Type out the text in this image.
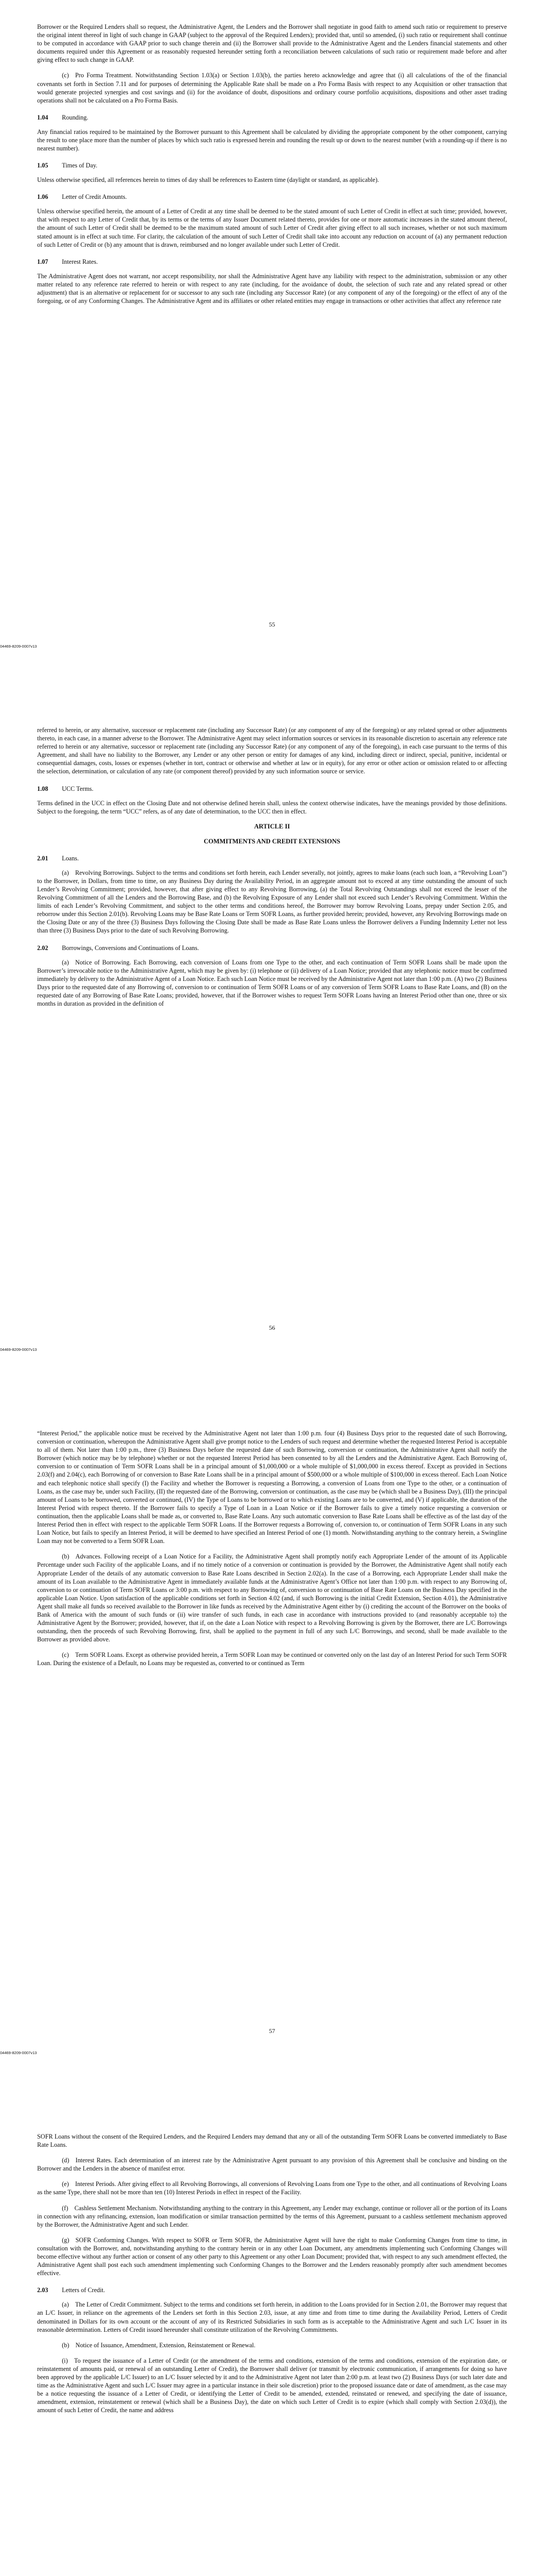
Borrower or the Required Lenders shall so request, the Administrative Agent, the Lenders and the Borrower shall negotiate in good faith to amend such ratio or requirement to preserve the original intent thereof in light of such change in GAAP (subject to the approval of the Required Lenders); provided that, until so amended, (i) such ratio or requirement shall continue to be computed in accordance with GAAP prior to such change therein and (ii) the Borrower shall provide to the Administrative Agent and the Lenders financial statements and other documents required under this Agreement or as reasonably requested hereunder setting forth a reconciliation between calculations of such ratio or requirement made before and after giving effect to such change in GAAP.

(c) Pro Forma Treatment. Notwithstanding Section 1.03(a) or Section 1.03(b), the parties hereto acknowledge and agree that (i) all calculations of the of the financial covenants set forth in Section 7.11 and for purposes of determining the Applicable Rate shall be made on a Pro Forma Basis with respect to any Acquisition or other transaction that would generate projected synergies and cost savings and (ii) for the avoidance of doubt, dispositions and ordinary course portfolio acquisitions, dispositions and other asset trading operations shall not be calculated on a Pro Forma Basis.

1.04 Rounding.

Any financial ratios required to be maintained by the Borrower pursuant to this Agreement shall be calculated by dividing the appropriate component by the other component, carrying the result to one place more than the number of places by which such ratio is expressed herein and rounding the result up or down to the nearest number (with a rounding-up if there is no nearest number).

1.05 Times of Day.

Unless otherwise specified, all references herein to times of day shall be references to Eastern time (daylight or standard, as applicable).

1.06 Letter of Credit Amounts.

Unless otherwise specified herein, the amount of a Letter of Credit at any time shall be deemed to be the stated amount of such Letter of Credit in effect at such time; provided, however, that with respect to any Letter of Credit that, by its terms or the terms of any Issuer Document related thereto, provides for one or more automatic increases in the stated amount thereof, the amount of such Letter of Credit shall be deemed to be the maximum stated amount of such Letter of Credit after giving effect to all such increases, whether or not such maximum stated amount is in effect at such time. For clarity, the calculation of the amount of such Letter of Credit shall take into account any reduction on account of (a) any permanent reduction of such Letter of Credit or (b) any amount that is drawn, reimbursed and no longer available under such Letter of Credit.

1.07 Interest Rates.

The Administrative Agent does not warrant, nor accept responsibility, nor shall the Administrative Agent have any liability with respect to the administration, submission or any other matter related to any reference rate referred to herein or with respect to any rate (including, for the avoidance of doubt, the selection of such rate and any related spread or other adjustment) that is an alternative or replacement for or successor to any such rate (including any Successor Rate) (or any component of any of the foregoing) or the effect of any of the foregoing, or of any Conforming Changes. The Administrative Agent and its affiliates or other related entities may engage in transactions or other activities that affect any reference rate

55
04469-8209-0007v13

referred to herein, or any alternative, successor or replacement rate (including any Successor Rate) (or any component of any of the foregoing) or any related spread or other adjustments thereto, in each case, in a manner adverse to the Borrower. The Administrative Agent may select information sources or services in its reasonable discretion to ascertain any reference rate referred to herein or any alternative, successor or replacement rate (including any Successor Rate) (or any component of any of the foregoing), in each case pursuant to the terms of this Agreement, and shall have no liability to the Borrower, any Lender or any other person or entity for damages of any kind, including direct or indirect, special, punitive, incidental or consequential damages, costs, losses or expenses (whether in tort, contract or otherwise and whether at law or in equity), for any error or other action or omission related to or affecting the selection, determination, or calculation of any rate (or component thereof) provided by any such information source or service.

1.08 UCC Terms.

Terms defined in the UCC in effect on the Closing Date and not otherwise defined herein shall, unless the context otherwise indicates, have the meanings provided by those definitions. Subject to the foregoing, the term “UCC” refers, as of any date of determination, to the UCC then in effect.

ARTICLE II
COMMITMENTS AND CREDIT EXTENSIONS
2.01 Loans.

(a) Revolving Borrowings. Subject to the terms and conditions set forth herein, each Lender severally, not jointly, agrees to make loans (each such loan, a “Revolving Loan”) to the Borrower, in Dollars, from time to time, on any Business Day during the Availability Period, in an aggregate amount not to exceed at any time outstanding the amount of such Lender’s Revolving Commitment; provided, however, that after giving effect to any Revolving Borrowing, (a) the Total Revolving Outstandings shall not exceed the lesser of the Revolving Commitment of all the Lenders and the Borrowing Base, and (b) the Revolving Exposure of any Lender shall not exceed such Lender’s Revolving Commitment. Within the limits of each Lender’s Revolving Commitment, and subject to the other terms and conditions hereof, the Borrower may borrow Revolving Loans, prepay under Section 2.05, and reborrow under this Section 2.01(b). Revolving Loans may be Base Rate Loans or Term SOFR Loans, as further provided herein; provided, however, any Revolving Borrowings made on the Closing Date or any of the three (3) Business Days following the Closing Date shall be made as Base Rate Loans unless the Borrower delivers a Funding Indemnity Letter not less than three (3) Business Days prior to the date of such Revolving Borrowing.

2.02 Borrowings, Conversions and Continuations of Loans.

(a) Notice of Borrowing. Each Borrowing, each conversion of Loans from one Type to the other, and each continuation of Term SOFR Loans shall be made upon the Borrower’s irrevocable notice to the Administrative Agent, which may be given by: (i) telephone or (ii) delivery of a Loan Notice; provided that any telephonic notice must be confirmed immediately by delivery to the Administrative Agent of a Loan Notice. Each such Loan Notice must be received by the Administrative Agent not later than 1:00 p.m. (A) two (2) Business Days prior to the requested date of any Borrowing of, conversion to or continuation of Term SOFR Loans or of any conversion of Term SOFR Loans to Base Rate Loans, and (B) on the requested date of any Borrowing of Base Rate Loans; provided, however, that if the Borrower wishes to request Term SOFR Loans having an Interest Period other than one, three or six months in duration as provided in the definition of

56
04469-8209-0007v13

“Interest Period,” the applicable notice must be received by the Administrative Agent not later than 1:00 p.m. four (4) Business Days prior to the requested date of such Borrowing, conversion or continuation, whereupon the Administrative Agent shall give prompt notice to the Lenders of such request and determine whether the requested Interest Period is acceptable to all of them. Not later than 1:00 p.m., three (3) Business Days before the requested date of such Borrowing, conversion or continuation, the Administrative Agent shall notify the Borrower (which notice may be by telephone) whether or not the requested Interest Period has been consented to by all the Lenders and the Administrative Agent. Each Borrowing of, conversion to or continuation of Term SOFR Loans shall be in a principal amount of $1,000,000 or a whole multiple of $1,000,000 in excess thereof. Except as provided in Sections 2.03(f) and 2.04(c), each Borrowing of or conversion to Base Rate Loans shall be in a principal amount of $500,000 or a whole multiple of $100,000 in excess thereof. Each Loan Notice and each telephonic notice shall specify (I) the Facility and whether the Borrower is requesting a Borrowing, a conversion of Loans from one Type to the other, or a continuation of Loans, as the case may be, under such Facility, (II) the requested date of the Borrowing, conversion or continuation, as the case may be (which shall be a Business Day), (III) the principal amount of Loans to be borrowed, converted or continued, (IV) the Type of Loans to be borrowed or to which existing Loans are to be converted, and (V) if applicable, the duration of the Interest Period with respect thereto. If the Borrower fails to specify a Type of Loan in a Loan Notice or if the Borrower fails to give a timely notice requesting a conversion or continuation, then the applicable Loans shall be made as, or converted to, Base Rate Loans. Any such automatic conversion to Base Rate Loans shall be effective as of the last day of the Interest Period then in effect with respect to the applicable Term SOFR Loans. If the Borrower requests a Borrowing of, conversion to, or continuation of Term SOFR Loans in any such Loan Notice, but fails to specify an Interest Period, it will be deemed to have specified an Interest Period of one (1) month. Notwithstanding anything to the contrary herein, a Swingline Loan may not be converted to a Term SOFR Loan.

(b) Advances. Following receipt of a Loan Notice for a Facility, the Administrative Agent shall promptly notify each Appropriate Lender of the amount of its Applicable Percentage under such Facility of the applicable Loans, and if no timely notice of a conversion or continuation is provided by the Borrower, the Administrative Agent shall notify each Appropriate Lender of the details of any automatic conversion to Base Rate Loans described in Section 2.02(a). In the case of a Borrowing, each Appropriate Lender shall make the amount of its Loan available to the Administrative Agent in immediately available funds at the Administrative Agent’s Office not later than 1:00 p.m. with respect to any Borrowing of, conversion to or continuation of Term SOFR Loans or 3:00 p.m. with respect to any Borrowing of, conversion to or continuation of Base Rate Loans on the Business Day specified in the applicable Loan Notice. Upon satisfaction of the applicable conditions set forth in Section 4.02 (and, if such Borrowing is the initial Credit Extension, Section 4.01), the Administrative Agent shall make all funds so received available to the Borrower in like funds as received by the Administrative Agent either by (i) crediting the account of the Borrower on the books of Bank of America with the amount of such funds or (ii) wire transfer of such funds, in each case in accordance with instructions provided to (and reasonably acceptable to) the Administrative Agent by the Borrower; provided, however, that if, on the date a Loan Notice with respect to a Revolving Borrowing is given by the Borrower, there are L/C Borrowings outstanding, then the proceeds of such Revolving Borrowing, first, shall be applied to the payment in full of any such L/C Borrowings, and second, shall be made available to the Borrower as provided above.

(c) Term SOFR Loans. Except as otherwise provided herein, a Term SOFR Loan may be continued or converted only on the last day of an Interest Period for such Term SOFR Loan. During the existence of a Default, no Loans may be requested as, converted to or continued as Term

57
04469-8209-0007v13

SOFR Loans without the consent of the Required Lenders, and the Required Lenders may demand that any or all of the outstanding Term SOFR Loans be converted immediately to Base Rate Loans.

(d) Interest Rates. Each determination of an interest rate by the Administrative Agent pursuant to any provision of this Agreement shall be conclusive and binding on the Borrower and the Lenders in the absence of manifest error.

(e) Interest Periods. After giving effect to all Revolving Borrowings, all conversions of Revolving Loans from one Type to the other, and all continuations of Revolving Loans as the same Type, there shall not be more than ten (10) Interest Periods in effect in respect of the Facility.

(f) Cashless Settlement Mechanism. Notwithstanding anything to the contrary in this Agreement, any Lender may exchange, continue or rollover all or the portion of its Loans in connection with any refinancing, extension, loan modification or similar transaction permitted by the terms of this Agreement, pursuant to a cashless settlement mechanism approved by the Borrower, the Administrative Agent and such Lender.

(g) SOFR Conforming Changes. With respect to SOFR or Term SOFR, the Administrative Agent will have the right to make Conforming Changes from time to time, in consultation with the Borrower, and, notwithstanding anything to the contrary herein or in any other Loan Document, any amendments implementing such Conforming Changes will become effective without any further action or consent of any other party to this Agreement or any other Loan Document; provided that, with respect to any such amendment effected, the Administrative Agent shall post each such amendment implementing such Conforming Changes to the Borrower and the Lenders reasonably promptly after such amendment becomes effective.

2.03 Letters of Credit.

(a) The Letter of Credit Commitment. Subject to the terms and conditions set forth herein, in addition to the Loans provided for in Section 2.01, the Borrower may request that an L/C Issuer, in reliance on the agreements of the Lenders set forth in this Section 2.03, issue, at any time and from time to time during the Availability Period, Letters of Credit denominated in Dollars for its own account or the account of any of its Restricted Subsidiaries in such form as is acceptable to the Administrative Agent and such L/C Issuer in its reasonable determination. Letters of Credit issued hereunder shall constitute utilization of the Revolving Commitments.

(b) Notice of Issuance, Amendment, Extension, Reinstatement or Renewal.

(i) To request the issuance of a Letter of Credit (or the amendment of the terms and conditions, extension of the terms and conditions, extension of the expiration date, or reinstatement of amounts paid, or renewal of an outstanding Letter of Credit), the Borrower shall deliver (or transmit by electronic communication, if arrangements for doing so have been approved by the applicable L/C Issuer) to an L/C Issuer selected by it and to the Administrative Agent not later than 2:00 p.m. at least two (2) Business Days (or such later date and time as the Administrative Agent and such L/C Issuer may agree in a particular instance in their sole discretion) prior to the proposed issuance date or date of amendment, as the case may be a notice requesting the issuance of a Letter of Credit, or identifying the Letter of Credit to be amended, extended, reinstated or renewed, and specifying the date of issuance, amendment, extension, reinstatement or renewal (which shall be a Business Day), the date on which such Letter of Credit is to expire (which shall comply with Section 2.03(d)), the amount of such Letter of Credit, the name and address
